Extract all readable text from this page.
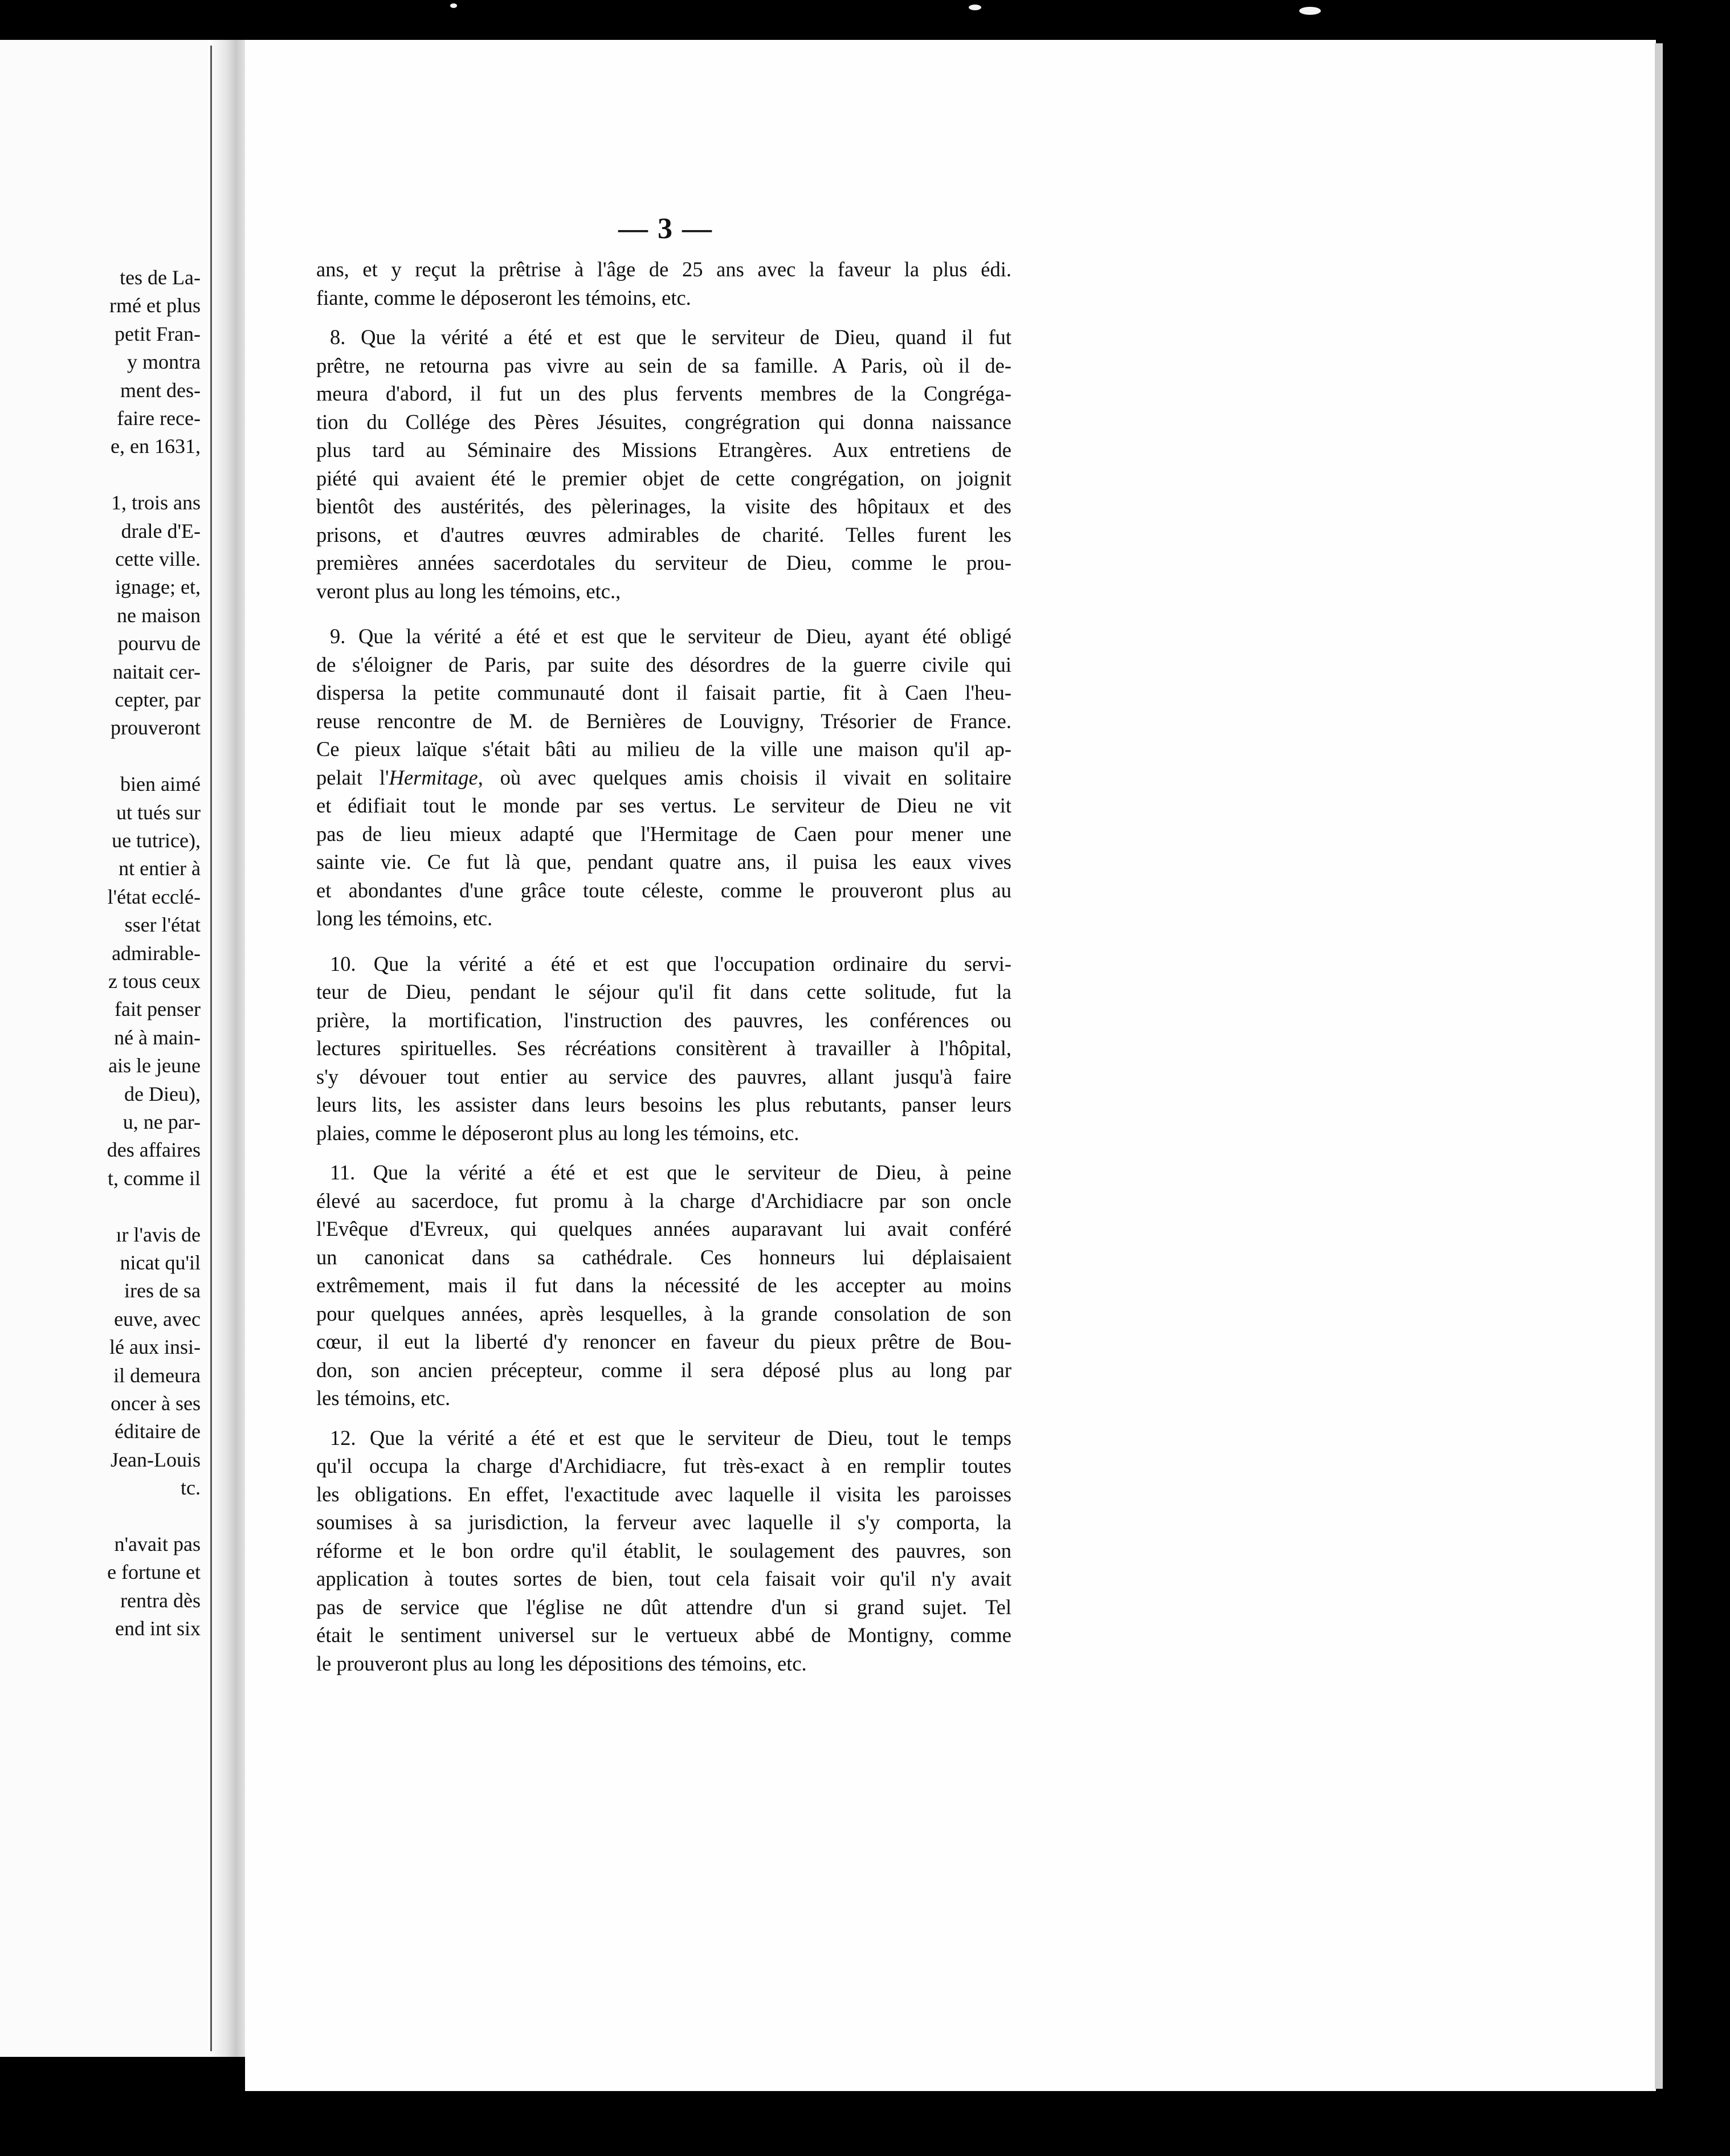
tes de La-
rmé et plus
petit Fran-
y montra
ment des-
faire rece-
e, en 1631,
1, trois ans
drale d'E-
cette ville.
ignage; et,
ne maison
pourvu de
naitait cer-
cepter, par
prouveront
bien aimé
ut tués sur
ue tutrice),
nt entier à
l'état ecclé-
sser l'état
admirable-
z tous ceux
fait penser
né à main-
ais le jeune
de Dieu),
u, ne par-
des affaires
t, comme il
ır l'avis de
nicat qu'il
ires de sa
euve, avec
lé aux insi-
il demeura
oncer à ses
éditaire de
Jean-Louis
tc.
n'avait pas
e fortune et
rentra dès
end int six
— 3 —
ans, et y reçut la prêtrise à l'âge de 25 ans avec la faveur la plus édi.
fiante, comme le déposeront les témoins, etc.
8. Que la vérité a été et est que le serviteur de Dieu, quand il fut
prêtre, ne retourna pas vivre au sein de sa famille. A Paris, où il de-
meura d'abord, il fut un des plus fervents membres de la Congréga-
tion du Collége des Pères Jésuites, congrégration qui donna naissance
plus tard au Séminaire des Missions Etrangères. Aux entretiens de
piété qui avaient été le premier objet de cette congrégation, on joignit
bientôt des austérités, des pèlerinages, la visite des hôpitaux et des
prisons, et d'autres œuvres admirables de charité. Telles furent les
premières années sacerdotales du serviteur de Dieu, comme le prou-
veront plus au long les témoins, etc.,
9. Que la vérité a été et est que le serviteur de Dieu, ayant été obligé
de s'éloigner de Paris, par suite des désordres de la guerre civile qui
dispersa la petite communauté dont il faisait partie, fit à Caen l'heu-
reuse rencontre de M. de Bernières de Louvigny, Trésorier de France.
Ce pieux laïque s'était bâti au milieu de la ville une maison qu'il ap-
pelait l'Hermitage, où avec quelques amis choisis il vivait en solitaire
et édifiait tout le monde par ses vertus. Le serviteur de Dieu ne vit
pas de lieu mieux adapté que l'Hermitage de Caen pour mener une
sainte vie. Ce fut là que, pendant quatre ans, il puisa les eaux vives
et abondantes d'une grâce toute céleste, comme le prouveront plus au
long les témoins, etc.
10. Que la vérité a été et est que l'occupation ordinaire du servi-
teur de Dieu, pendant le séjour qu'il fit dans cette solitude, fut la
prière, la mortification, l'instruction des pauvres, les conférences ou
lectures spirituelles. Ses récréations consitèrent à travailler à l'hôpital,
s'y dévouer tout entier au service des pauvres, allant jusqu'à faire
leurs lits, les assister dans leurs besoins les plus rebutants, panser leurs
plaies, comme le déposeront plus au long les témoins, etc.
11. Que la vérité a été et est que le serviteur de Dieu, à peine
élevé au sacerdoce, fut promu à la charge d'Archidiacre par son oncle
l'Evêque d'Evreux, qui quelques années auparavant lui avait conféré
un canonicat dans sa cathédrale. Ces honneurs lui déplaisaient
extrêmement, mais il fut dans la nécessité de les accepter au moins
pour quelques années, après lesquelles, à la grande consolation de son
cœur, il eut la liberté d'y renoncer en faveur du pieux prêtre de Bou-
don, son ancien précepteur, comme il sera déposé plus au long par
les témoins, etc.
12. Que la vérité a été et est que le serviteur de Dieu, tout le temps
qu'il occupa la charge d'Archidiacre, fut très-exact à en remplir toutes
les obligations. En effet, l'exactitude avec laquelle il visita les paroisses
soumises à sa jurisdiction, la ferveur avec laquelle il s'y comporta, la
réforme et le bon ordre qu'il établit, le soulagement des pauvres, son
application à toutes sortes de bien, tout cela faisait voir qu'il n'y avait
pas de service que l'église ne dût attendre d'un si grand sujet. Tel
était le sentiment universel sur le vertueux abbé de Montigny, comme
le prouveront plus au long les dépositions des témoins, etc.
